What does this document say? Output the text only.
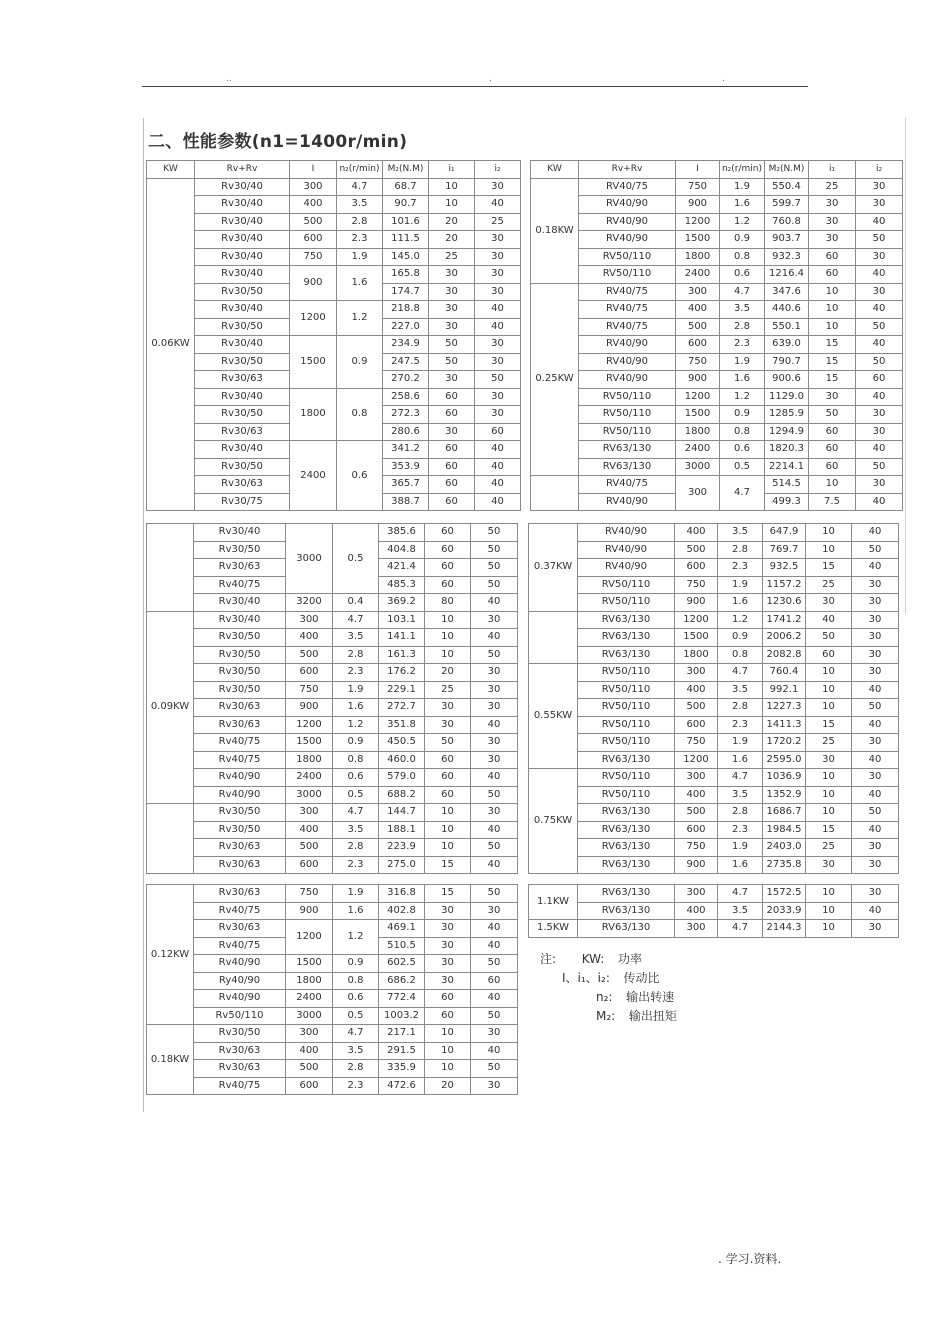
..	.	.
二、性能参数(n1=1400r/min)
KW	Rv+Rv	I	n₂(r/min)	M₂(N.M)	i₁	i₂
0.06KW	Rv30/40	300	4.7	68.7	10	30
	Rv30/40	400	3.5	90.7	10	40
	Rv30/40	500	2.8	101.6	20	25
	Rv30/40	600	2.3	111.5	20	30
	Rv30/40	750	1.9	145.0	25	30
	Rv30/40	900	1.6	165.8	30	30
	Rv30/50			174.7	30	30
	Rv30/40	1200	1.2	218.8	30	40
	Rv30/50			227.0	30	40
	Rv30/40	1500	0.9	234.9	50	30
	Rv30/50			247.5	50	30
	Rv30/63			270.2	30	50
	Rv30/40	1800	0.8	258.6	60	30
	Rv30/50			272.3	60	30
	Rv30/63			280.6	30	60
	Rv30/40	2400	0.6	341.2	60	40
	Rv30/50			353.9	60	40
	Rv30/63			365.7	60	40
	Rv30/75			388.7	60	40
KW	Rv+Rv	I	n₂(r/min)	M₂(N.M)	i₁	i₂
0.18KW	RV40/75	750	1.9	550.4	25	30
	RV40/90	900	1.6	599.7	30	30
	RV40/90	1200	1.2	760.8	30	40
	RV40/90	1500	0.9	903.7	30	50
	RV50/110	1800	0.8	932.3	60	30
	RV50/110	2400	0.6	1216.4	60	40
0.25KW	RV40/75	300	4.7	347.6	10	30
	RV40/75	400	3.5	440.6	10	40
	RV40/75	500	2.8	550.1	10	50
	RV40/90	600	2.3	639.0	15	40
	RV40/90	750	1.9	790.7	15	50
	RV40/90	900	1.6	900.6	15	60
	RV50/110	1200	1.2	1129.0	30	40
	RV50/110	1500	0.9	1285.9	50	30
	RV50/110	1800	0.8	1294.9	60	30
	RV63/130	2400	0.6	1820.3	60	40
	RV63/130	3000	0.5	2214.1	60	50
	RV40/75	300	4.7	514.5	10	30
	RV40/90			499.3	7.5	40
	Rv30/40	3000	0.5	385.6	60	50
	Rv30/50			404.8	60	50
	Rv30/63			421.4	60	50
	Rv40/75			485.3	60	50
	Rv30/40	3200	0.4	369.2	80	40
0.09KW	Rv30/40	300	4.7	103.1	10	30
	Rv30/50	400	3.5	141.1	10	40
	Rv30/50	500	2.8	161.3	10	50
	Rv30/50	600	2.3	176.2	20	30
	Rv30/50	750	1.9	229.1	25	30
	Rv30/63	900	1.6	272.7	30	30
	Rv30/63	1200	1.2	351.8	30	40
	Rv40/75	1500	0.9	450.5	50	30
	Rv40/75	1800	0.8	460.0	60	30
	Rv40/90	2400	0.6	579.0	60	40
	Rv40/90	3000	0.5	688.2	60	50
	Rv30/50	300	4.7	144.7	10	30
	Rv30/50	400	3.5	188.1	10	40
	Rv30/63	500	2.8	223.9	10	50
	Rv30/63	600	2.3	275.0	15	40
0.37KW	RV40/90	400	3.5	647.9	10	40
	RV40/90	500	2.8	769.7	10	50
	RV40/90	600	2.3	932.5	15	40
	RV50/110	750	1.9	1157.2	25	30
	RV50/110	900	1.6	1230.6	30	30
	RV63/130	1200	1.2	1741.2	40	30
	RV63/130	1500	0.9	2006.2	50	30
	RV63/130	1800	0.8	2082.8	60	30
0.55KW	RV50/110	300	4.7	760.4	10	30
	RV50/110	400	3.5	992.1	10	40
	RV50/110	500	2.8	1227.3	10	50
	RV50/110	600	2.3	1411.3	15	40
	RV50/110	750	1.9	1720.2	25	30
	RV63/130	1200	1.6	2595.0	30	40
0.75KW	RV50/110	300	4.7	1036.9	10	30
	RV50/110	400	3.5	1352.9	10	40
	RV63/130	500	2.8	1686.7	10	50
	RV63/130	600	2.3	1984.5	15	40
	RV63/130	750	1.9	2403.0	25	30
	RV63/130	900	1.6	2735.8	30	30
0.12KW	Rv30/63	750	1.9	316.8	15	50
	Rv40/75	900	1.6	402.8	30	30
	Rv30/63	1200	1.2	469.1	30	40
	Rv40/75			510.5	30	40
	Rv40/90	1500	0.9	602.5	30	50
	Ry40/90	1800	0.8	686.2	30	60
	Rv40/90	2400	0.6	772.4	60	40
	Rv50/110	3000	0.5	1003.2	60	50
0.18KW	Rv30/50	300	4.7	217.1	10	30
	Rv30/63	400	3.5	291.5	10	40
	Rv30/63	500	2.8	335.9	10	50
	Rv40/75	600	2.3	472.6	20	30
1.1KW	RV63/130	300	4.7	1572.5	10	30
	RV63/130	400	3.5	2033.9	10	40
1.5KW	RV63/130	300	4.7	2144.3	10	30
注: KW: 功率
I、i₁、i₂: 传动比
n₂: 输出转速
M₂: 输出扭矩
. 学习.资料.
